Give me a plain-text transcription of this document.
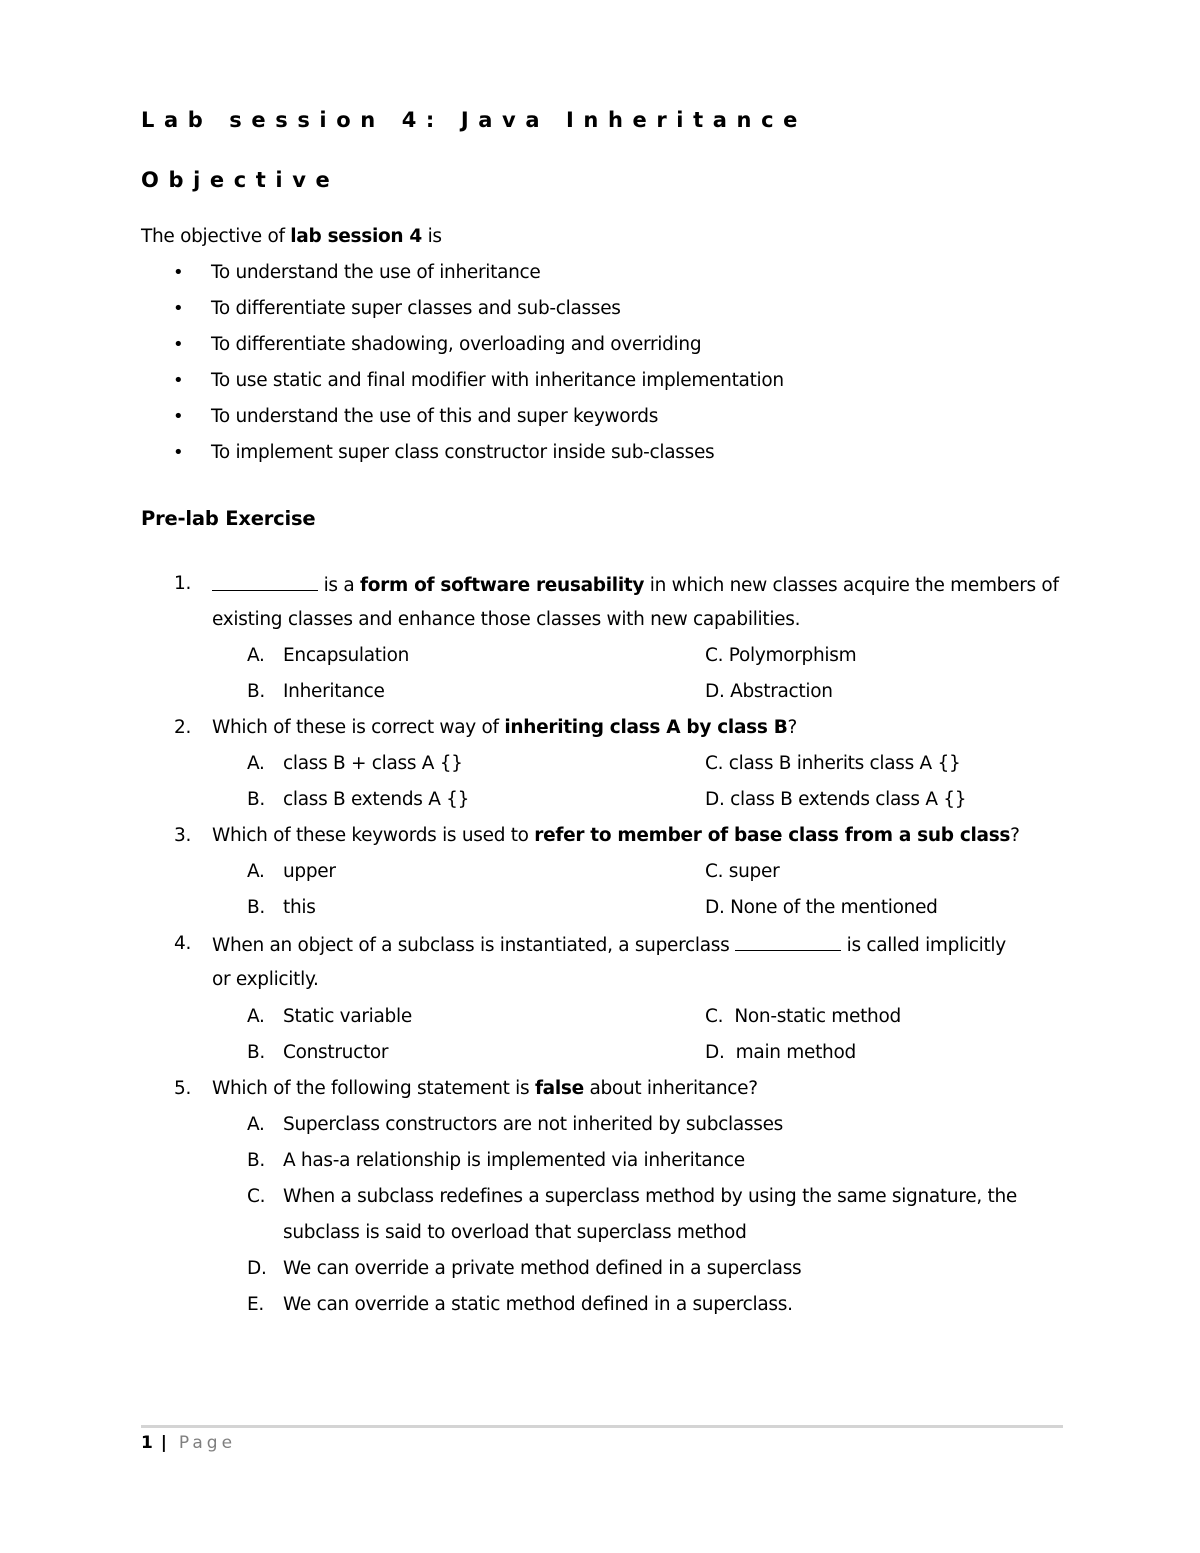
Lab session 4: Java Inheritance
Objective
The objective of lab session 4 is
• To understand the use of inheritance
• To differentiate super classes and sub-classes
• To differentiate shadowing, overloading and overriding
• To use static and final modifier with inheritance implementation
• To understand the use of this and super keywords
• To implement super class constructor inside sub-classes
Pre-lab Exercise
1.	is a form of software reusability in which new classes acquire the members of
existing classes and enhance those classes with new capabilities.
A. Encapsulation	C. Polymorphism
B. Inheritance	D. Abstraction
2. Which of these is correct way of inheriting class A by class B?
A. class B + class A {}	C. class B inherits class A {}
B. class B extends A {}	D. class B extends class A {}
3. Which of these keywords is used to refer to member of base class from a sub class?
A. upper	C. super
B. this	D. None of the mentioned
4. When an object of a subclass is instantiated, a superclass	is called implicitly
or explicitly.
A. Static variable	C.  Non-static method
B. Constructor	D.  main method
5. Which of the following statement is false about inheritance?
A. Superclass constructors are not inherited by subclasses
B. A has-a relationship is implemented via inheritance
C. When a subclass redefines a superclass method by using the same signature, the
subclass is said to overload that superclass method
D. We can override a private method defined in a superclass
E. We can override a static method defined in a superclass.
1 | Page
